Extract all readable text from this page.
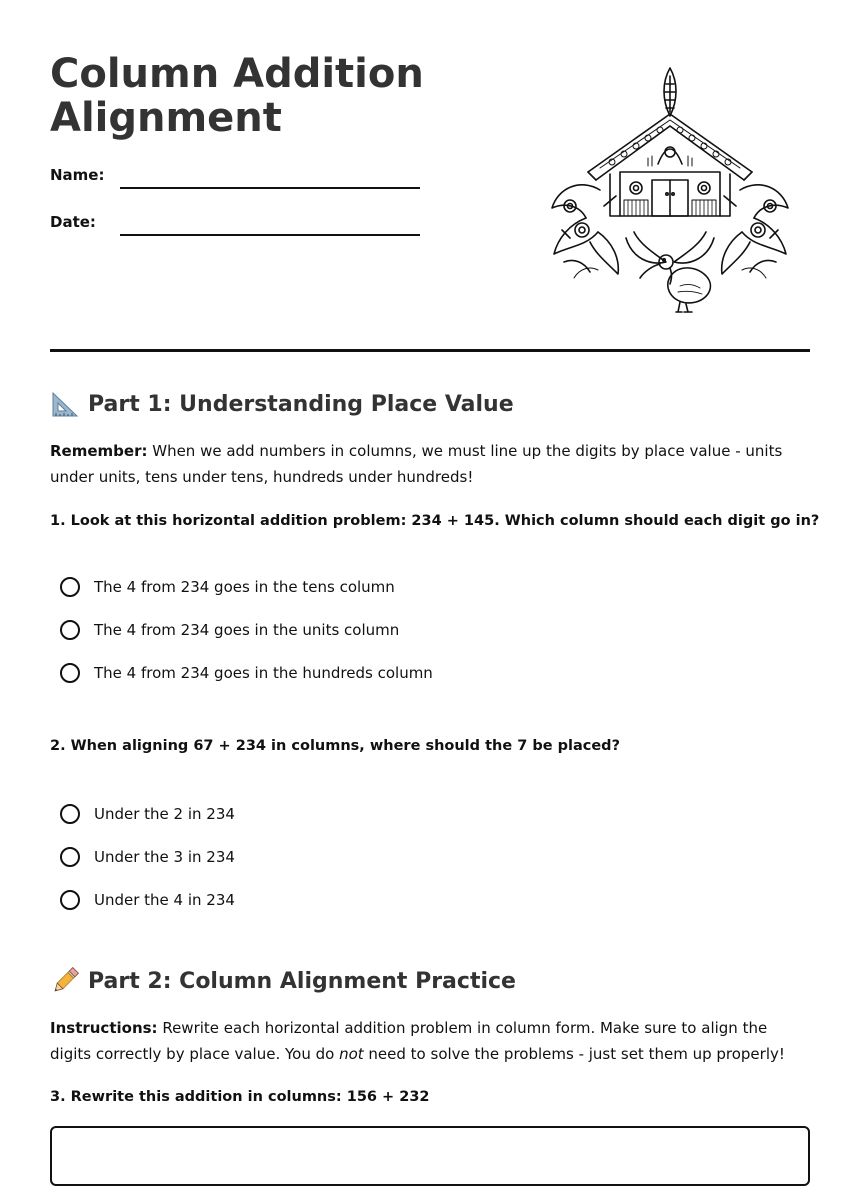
Column Addition Alignment
Name:
Date:
Part 1: Understanding Place Value

Remember: When we add numbers in columns, we must line up the digits by place value - units under units, tens under tens, hundreds under hundreds!

1. Look at this horizontal addition problem: 234 + 145. Which column should each digit go in?

The 4 from 234 goes in the tens column
The 4 from 234 goes in the units column
The 4 from 234 goes in the hundreds column

2. When aligning 67 + 234 in columns, where should the 7 be placed?

Under the 2 in 234
Under the 3 in 234
Under the 4 in 234
Part 2: Column Alignment Practice

Instructions: Rewrite each horizontal addition problem in column form. Make sure to align the digits correctly by place value. You do not need to solve the problems - just set them up properly!

3. Rewrite this addition in columns: 156 + 232
